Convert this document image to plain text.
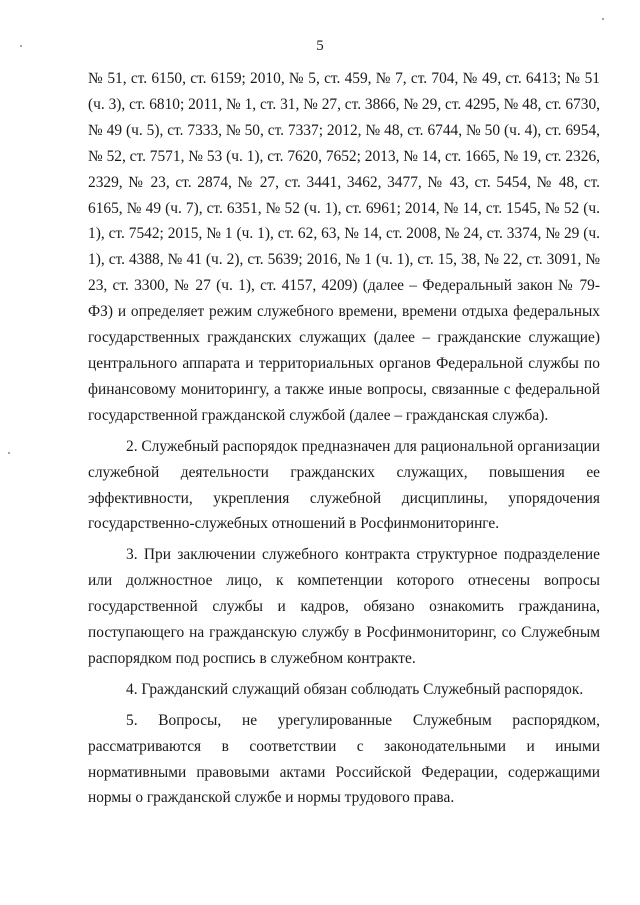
5

№ 51, ст. 6150, ст. 6159; 2010, № 5, ст. 459, № 7, ст. 704, № 49, ст. 6413; № 51 (ч. 3), ст. 6810; 2011, № 1, ст. 31, № 27, ст. 3866, № 29, ст. 4295, № 48, ст. 6730, № 49 (ч. 5), ст. 7333, № 50, ст. 7337; 2012, № 48, ст. 6744, № 50 (ч. 4), ст. 6954, № 52, ст. 7571, № 53 (ч. 1), ст. 7620, 7652; 2013, № 14, ст. 1665, № 19, ст. 2326, 2329, № 23, ст. 2874, № 27, ст. 3441, 3462, 3477, № 43, ст. 5454, № 48, ст. 6165, № 49 (ч. 7), ст. 6351, № 52 (ч. 1), ст. 6961; 2014, № 14, ст. 1545, № 52 (ч. 1), ст. 7542; 2015, № 1 (ч. 1), ст. 62, 63, № 14, ст. 2008, № 24, ст. 3374, № 29 (ч. 1), ст. 4388, № 41 (ч. 2), ст. 5639; 2016, № 1 (ч. 1), ст. 15, 38, № 22, ст. 3091, № 23, ст. 3300, № 27 (ч. 1), ст. 4157, 4209) (далее – Федеральный закон № 79-ФЗ) и определяет режим служебного времени, времени отдыха федеральных государственных гражданских служащих (далее – гражданские служащие) центрального аппарата и территориальных органов Федеральной службы по финансовому мониторингу, а также иные вопросы, связанные с федеральной государственной гражданской службой (далее – гражданская служба).

2. Служебный распорядок предназначен для рациональной организации служебной деятельности гражданских служащих, повышения ее эффективности, укрепления служебной дисциплины, упорядочения государственно-служебных отношений в Росфинмониторинге.

3. При заключении служебного контракта структурное подразделение или должностное лицо, к компетенции которого отнесены вопросы государственной службы и кадров, обязано ознакомить гражданина, поступающего на гражданскую службу в Росфинмониторинг, со Служебным распорядком под роспись в служебном контракте.

4. Гражданский служащий обязан соблюдать Служебный распорядок.

5. Вопросы, не урегулированные Служебным распорядком, рассматриваются в соответствии с законодательными и иными нормативными правовыми актами Российской Федерации, содержащими нормы о гражданской службе и нормы трудового права.
